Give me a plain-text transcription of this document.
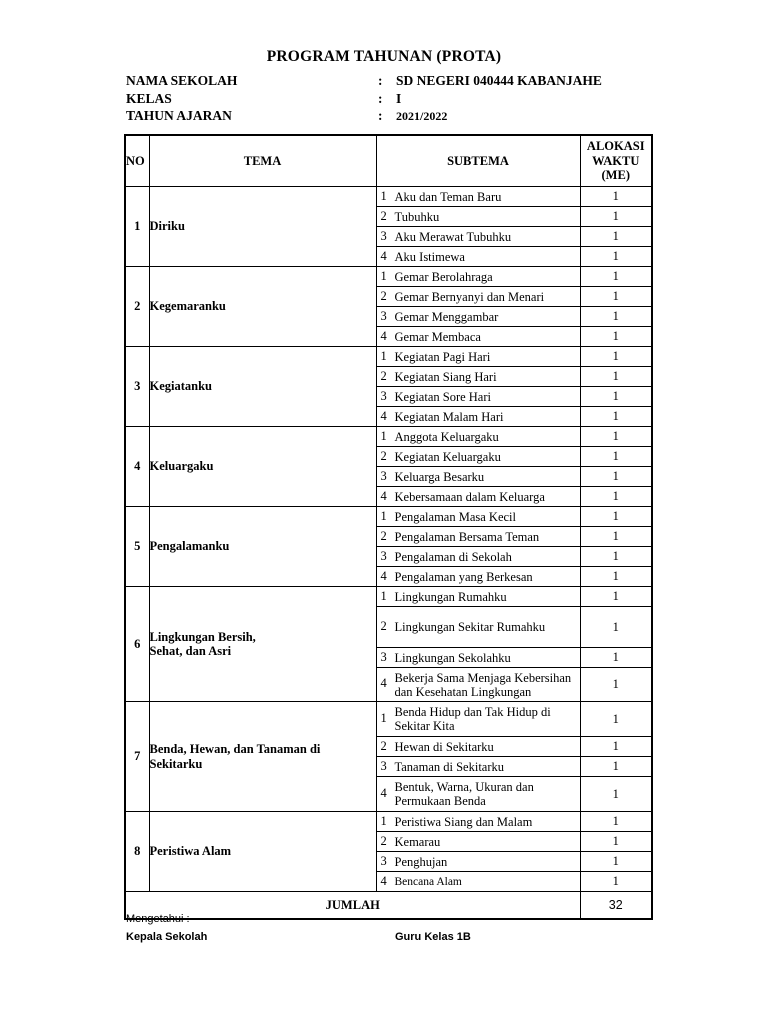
PROGRAM TAHUNAN (PROTA)
NAMA SEKOLAH	: SD NEGERI 040444 KABANJAHE
KELAS	: I
TAHUN AJARAN	: 2021/2022
NO	TEMA	SUBTEMA	ALOKASI
WAKTU
(ME)
1	Diriku	1 Aku dan Teman Baru	1
		2 Tubuhku	1
		3 Aku Merawat Tubuhku	1
		4 Aku Istimewa	1
2	Kegemaranku	1 Gemar Berolahraga	1
		2 Gemar Bernyanyi dan Menari	1
		3 Gemar Menggambar	1
		4 Gemar Membaca	1
3	Kegiatanku	1 Kegiatan Pagi Hari	1
		2 Kegiatan Siang Hari	1
		3 Kegiatan Sore Hari	1
		4 Kegiatan Malam Hari	1
4	Keluargaku	1 Anggota Keluargaku	1
		2 Kegiatan Keluargaku	1
		3 Keluarga Besarku	1
		4 Kebersamaan dalam Keluarga	1
5	Pengalamanku	1 Pengalaman Masa Kecil	1
		2 Pengalaman Bersama Teman	1
		3 Pengalaman di Sekolah	1
		4 Pengalaman yang Berkesan	1
6	Lingkungan Bersih,
Sehat, dan Asri	1 Lingkungan Rumahku	1
		2 Lingkungan Sekitar Rumahku	1
		3 Lingkungan Sekolahku	1
		4 Bekerja Sama Menjaga Kebersihan dan Kesehatan Lingkungan	1
7	Benda, Hewan, dan Tanaman di
Sekitarku	1 Benda Hidup dan Tak Hidup di Sekitar Kita	1
		2 Hewan di Sekitarku	1
		3 Tanaman di Sekitarku	1
		4 Bentuk, Warna, Ukuran dan Permukaan Benda	1
8	Peristiwa Alam	1 Peristiwa Siang dan Malam	1
		2 Kemarau	1
		3 Penghujan	1
		4 Bencana Alam	1
JUMLAH			32
Mengetahui :
Kepala Sekolah	Guru Kelas 1B
